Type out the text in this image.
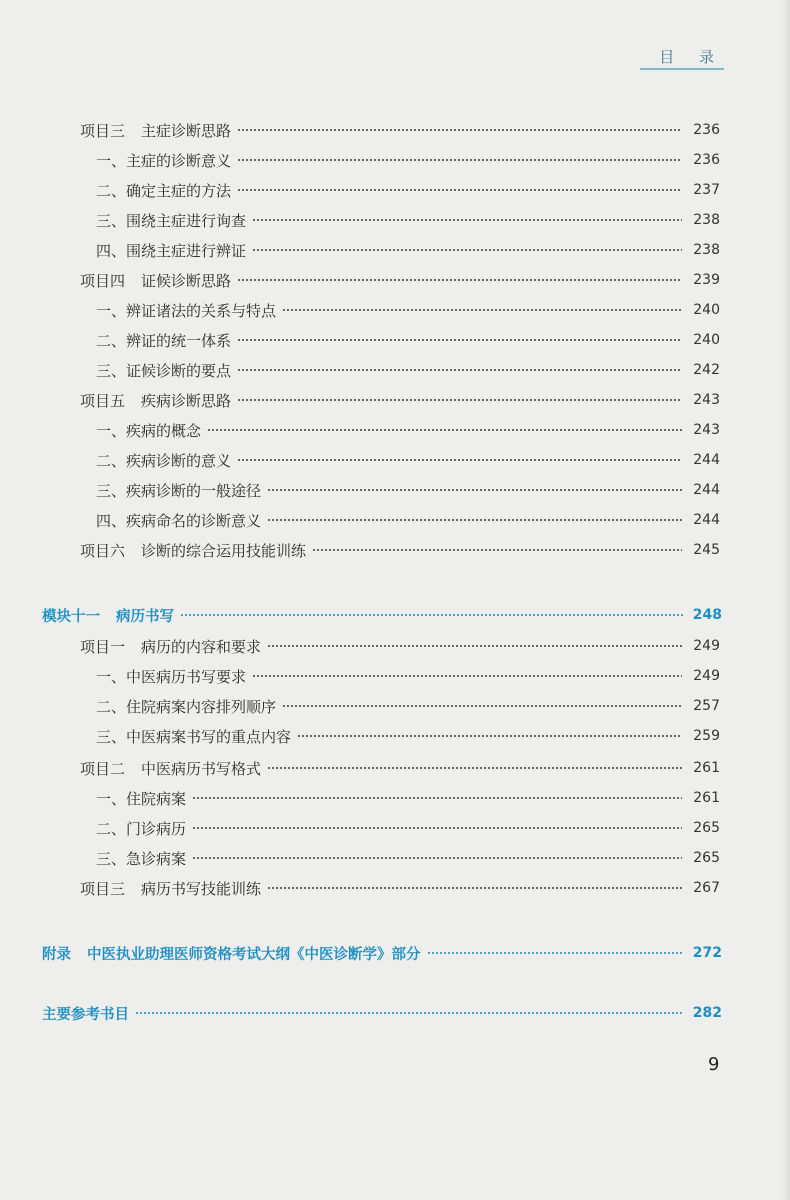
目 录
项目三 主症诊断思路	236
一、主症的诊断意义	236
二、确定主症的方法	237
三、围绕主症进行询查	238
四、围绕主症进行辨证	238
项目四 证候诊断思路	239
一、辨证诸法的关系与特点	240
二、辨证的统一体系	240
三、证候诊断的要点	242
项目五 疾病诊断思路	243
一、疾病的概念	243
二、疾病诊断的意义	244
三、疾病诊断的一般途径	244
四、疾病命名的诊断意义	244
项目六 诊断的综合运用技能训练	245
模块十一 病历书写	248
项目一 病历的内容和要求	249
一、中医病历书写要求	249
二、住院病案内容排列顺序	257
三、中医病案书写的重点内容	259
项目二 中医病历书写格式	261
一、住院病案	261
二、门诊病历	265
三、急诊病案	265
项目三 病历书写技能训练	267
附录 中医执业助理医师资格考试大纲《中医诊断学》部分	272
主要参考书目	282
9
